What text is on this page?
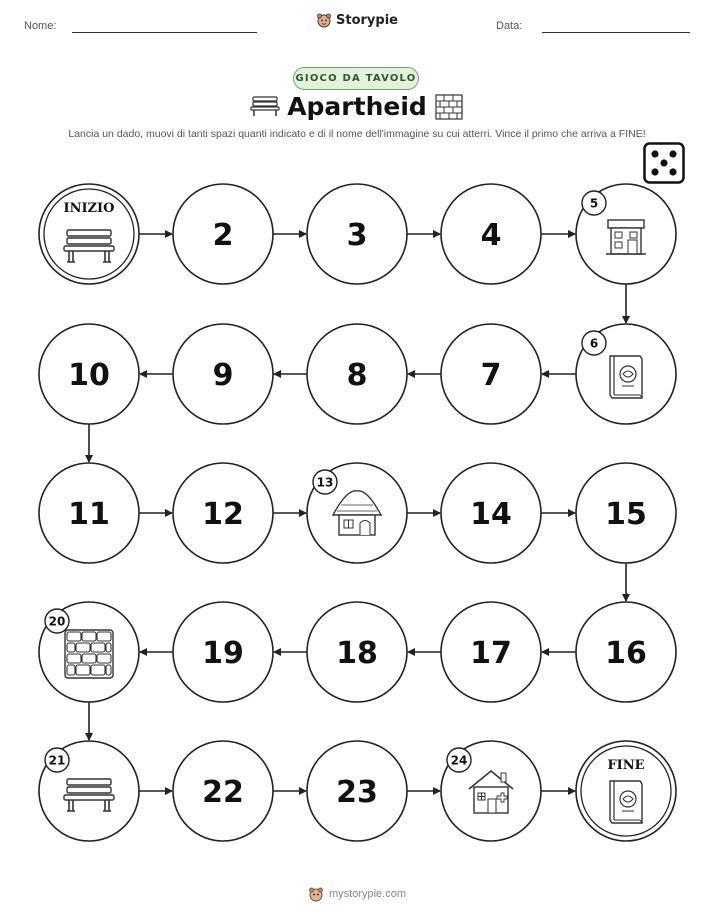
Nome:	Storypie	Data:
GIOCO DA TAVOLO
Apartheid
Lancia un dado, muovi di tanti spazi quanti indicato e di il nome dell'immagine su cui atterri. Vince il primo che arriva a FINE!
INIZIO
2	3	4
5
6
7
8
9
10
11	12
13
14	15
16
17
18
19
20
21
22	23
24	FINE
mystorypie.com
